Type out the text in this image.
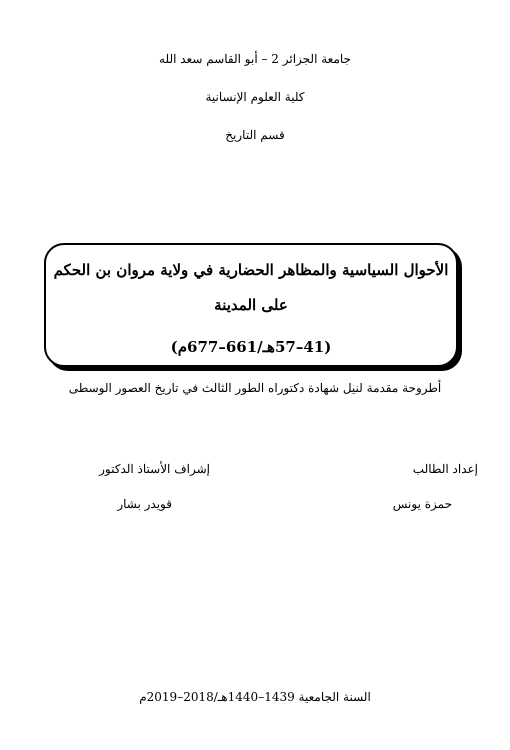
جامعة الجزائر 2 – أبو القاسم سعد الله
كلية العلوم الإنسانية
قسم التاريخ
الأحوال السياسية والمظاهر الحضارية في ولاية مروان بن الحكم
على المدينة
(41–57هـ/661–677م)
أطروحة مقدمة لنيل شهادة دكتوراه الطور الثالث في تاريخ العصور الوسطى
إعداد الطالب
حمزة يونس
إشراف الأستاذ الدكتور
قويدر بشار
السنة الجامعية 1439–1440هـ/2018–2019م
